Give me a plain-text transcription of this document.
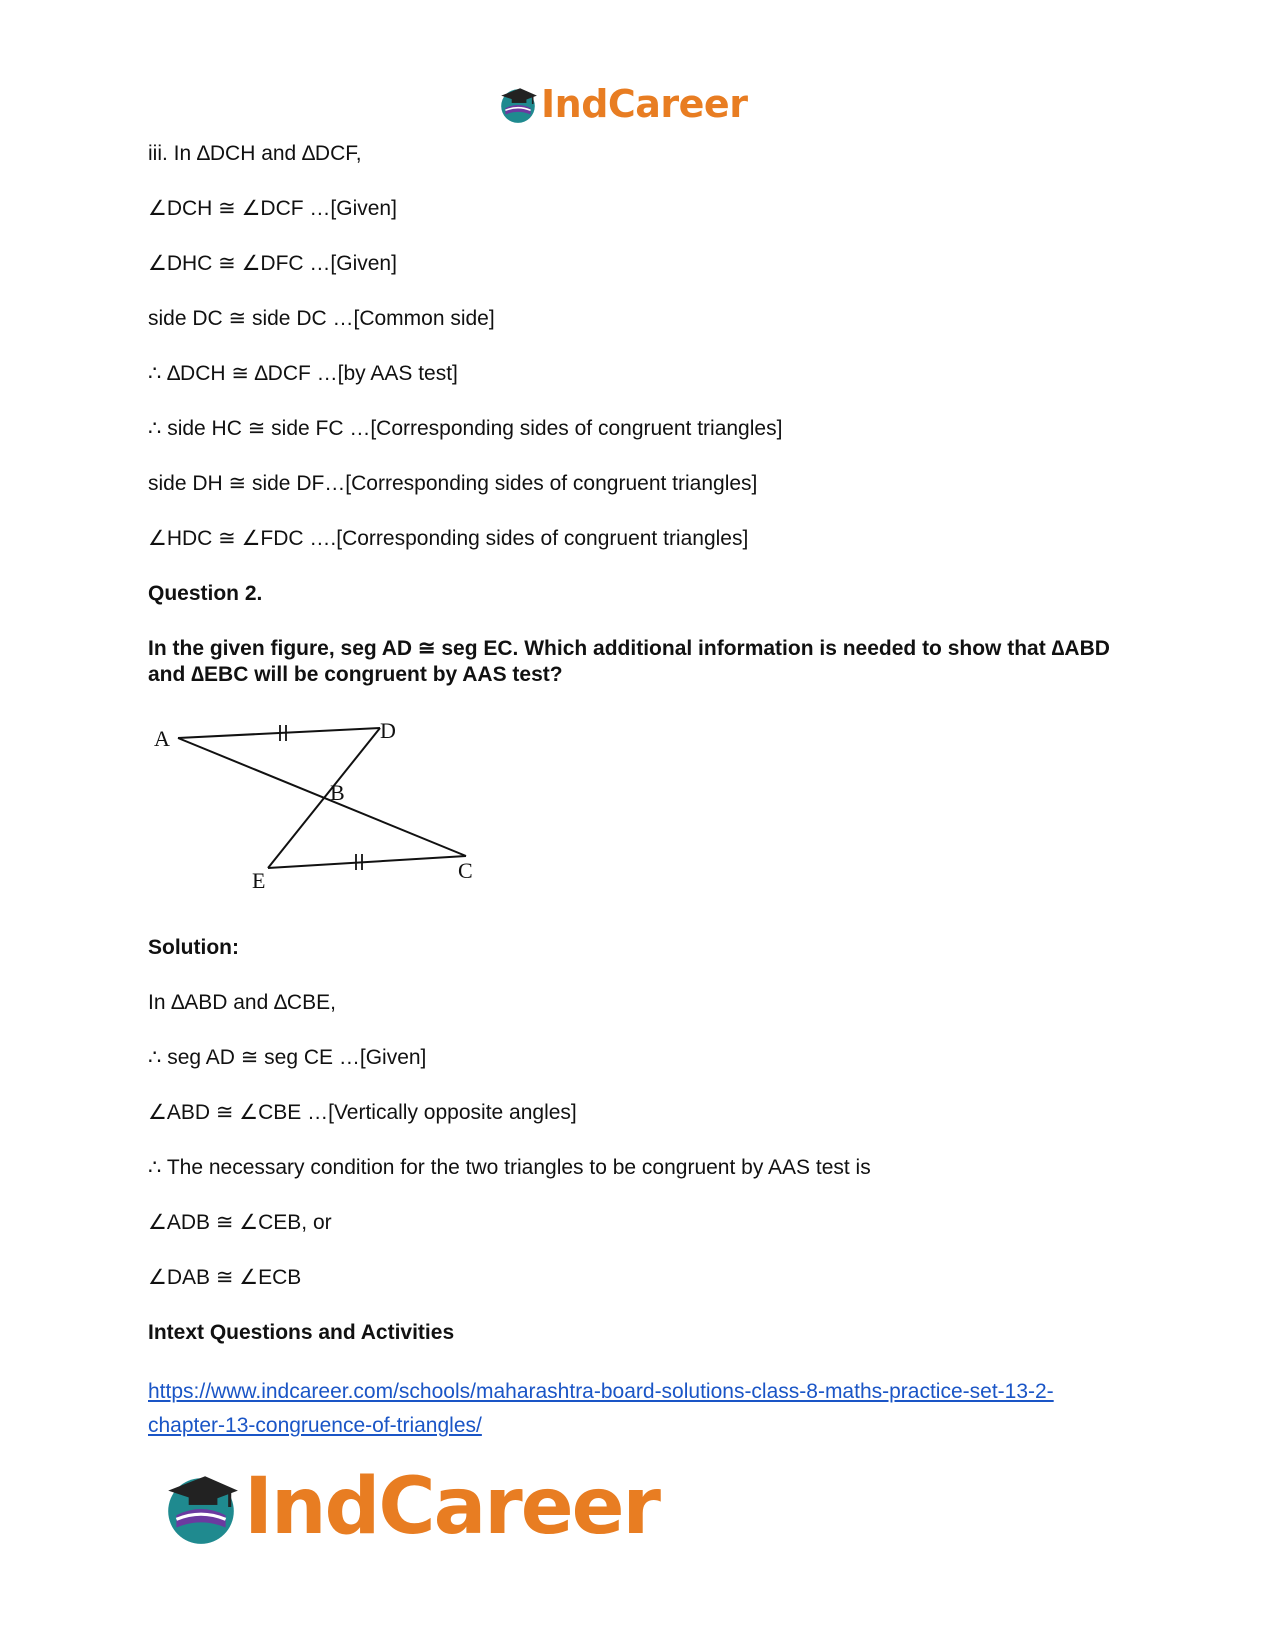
IndCareer

iii. In ∆DCH and ∆DCF,

∠DCH ≅ ∠DCF …[Given]

∠DHC ≅ ∠DFC …[Given]

side DC ≅ side DC …[Common side]

∴ ∆DCH ≅ ∆DCF …[by AAS test]

∴ side HC ≅ side FC …[Corresponding sides of congruent triangles]

side DH ≅ side DF…[Corresponding sides of congruent triangles]

∠HDC ≅ ∠FDC ….[Corresponding sides of congruent triangles]

Question 2.

In the given figure, seg AD ≅ seg EC. Which additional information is needed to show that ∆ABD and ∆EBC will be congruent by AAS test?

A	D
B
E	C

Solution:

In ∆ABD and ∆CBE,

∴ seg AD ≅ seg CE …[Given]

∠ABD ≅ ∠CBE …[Vertically opposite angles]

∴ The necessary condition for the two triangles to be congruent by AAS test is

∠ADB ≅ ∠CEB, or

∠DAB ≅ ∠ECB

Intext Questions and Activities

https://www.indcareer.com/schools/maharashtra-board-solutions-class-8-maths-practice-set-13-2-chapter-13-congruence-of-triangles/
IndCareer
